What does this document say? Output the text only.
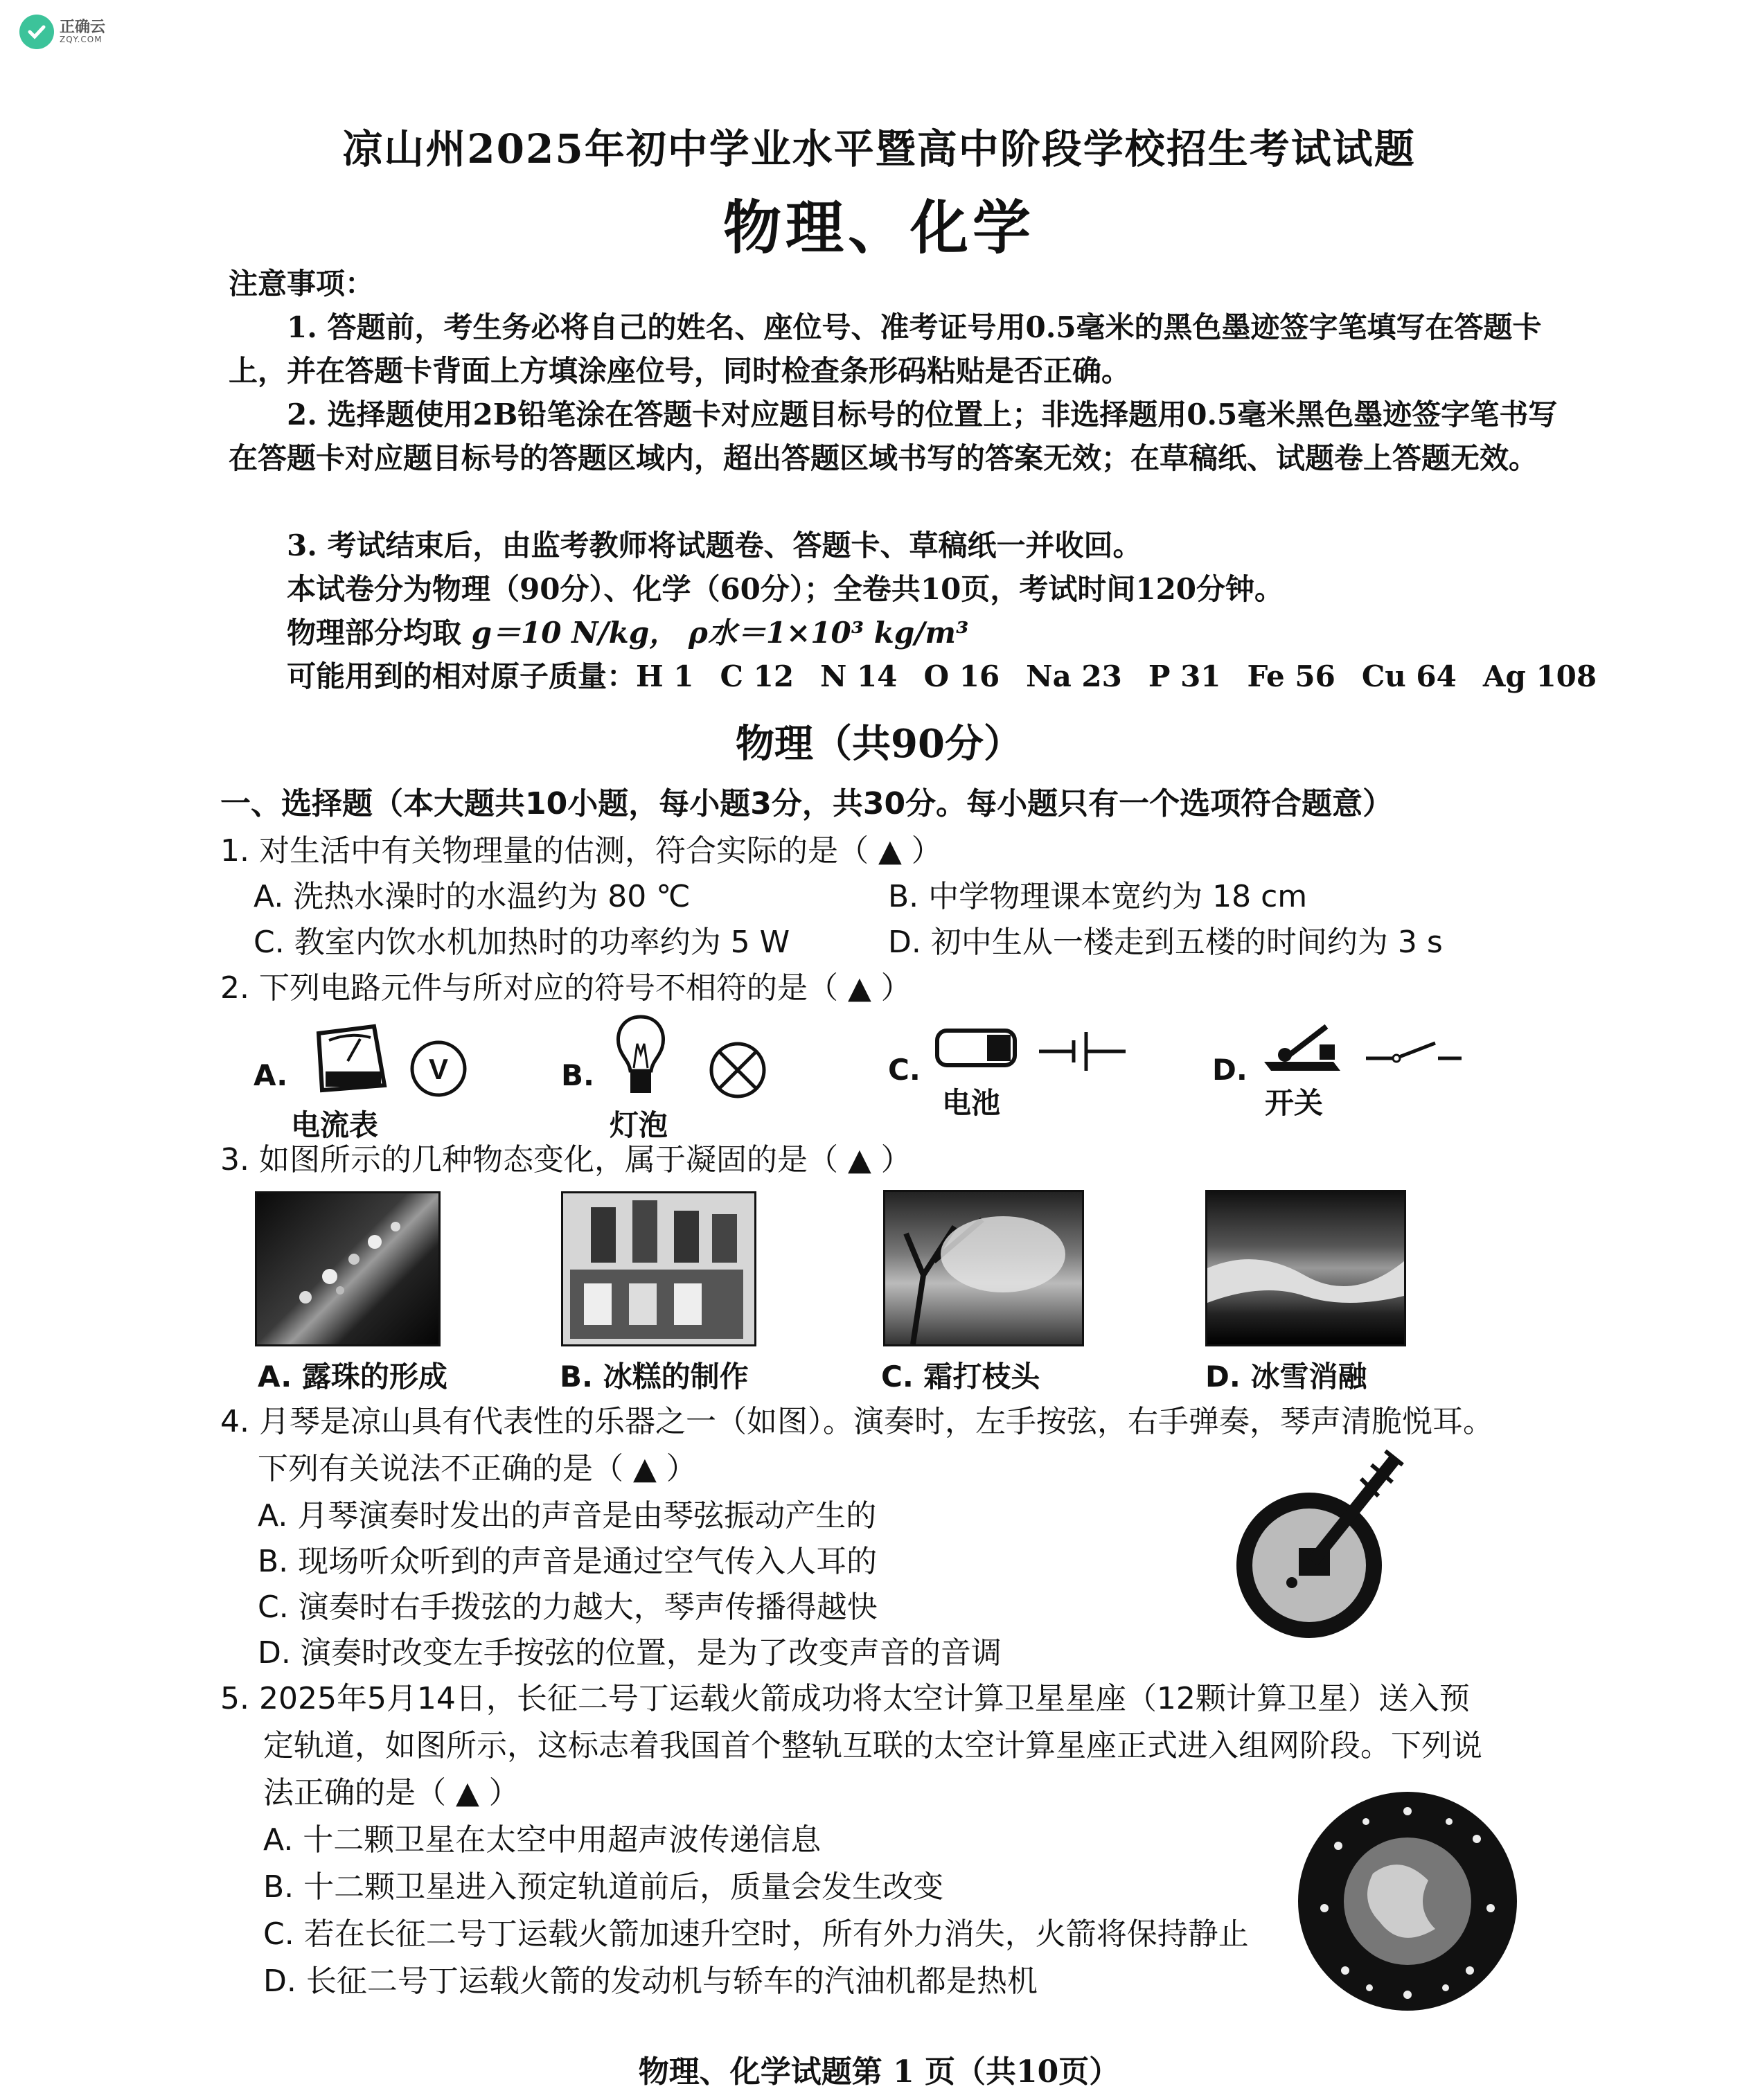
正确云
ZQY.COM
凉山州2025年初中学业水平暨高中阶段学校招生考试试题
物理、化学
注意事项：
1. 答题前，考生务必将自己的姓名、座位号、准考证号用0.5毫米的黑色墨迹签字笔填写在答题卡上，并在答题卡背面上方填涂座位号，同时检查条形码粘贴是否正确。
2. 选择题使用2B铅笔涂在答题卡对应题目标号的位置上；非选择题用0.5毫米黑色墨迹签字笔书写在答题卡对应题目标号的答题区域内，超出答题区域书写的答案无效；在草稿纸、试题卷上答题无效。
3. 考试结束后，由监考教师将试题卷、答题卡、草稿纸一并收回。
本试卷分为物理（90分）、化学（60分）；全卷共10页，考试时间120分钟。
物理部分均取 g＝10 N/kg， ρ水＝1×10³ kg/m³
可能用到的相对原子质量：H 1 C 12 N 14 O 16 Na 23 P 31 Fe 56 Cu 64 Ag 108
物理（共90分）
一、选择题（本大题共10小题，每小题3分，共30分。每小题只有一个选项符合题意）
1. 对生活中有关物理量的估测，符合实际的是（ ▲ ）
A. 洗热水澡时的水温约为 80 ℃	B. 中学物理课本宽约为 18 cm
C. 教室内饮水机加热时的功率约为 5 W	D. 初中生从一楼走到五楼的时间约为 3 s
2. 下列电路元件与所对应的符号不相符的是（ ▲ ）
A.	V
电流表
B.
灯泡
C.
电池
D.
开关
3. 如图所示的几种物态变化，属于凝固的是（ ▲ ）
A. 露珠的形成	B. 冰糕的制作	C. 霜打枝头	D. 冰雪消融
4. 月琴是凉山具有代表性的乐器之一（如图）。演奏时，左手按弦，右手弹奏，琴声清脆悦耳。
下列有关说法不正确的是（ ▲ ）
A. 月琴演奏时发出的声音是由琴弦振动产生的
B. 现场听众听到的声音是通过空气传入人耳的
C. 演奏时右手拨弦的力越大，琴声传播得越快
D. 演奏时改变左手按弦的位置，是为了改变声音的音调
5. 2025年5月14日，长征二号丁运载火箭成功将太空计算卫星星座（12颗计算卫星）送入预
定轨道，如图所示，这标志着我国首个整轨互联的太空计算星座正式进入组网阶段。下列说
法正确的是（ ▲ ）
A. 十二颗卫星在太空中用超声波传递信息
B. 十二颗卫星进入预定轨道前后，质量会发生改变
C. 若在长征二号丁运载火箭加速升空时，所有外力消失，火箭将保持静止
D. 长征二号丁运载火箭的发动机与轿车的汽油机都是热机
物理、化学试题第 1 页（共10页）
